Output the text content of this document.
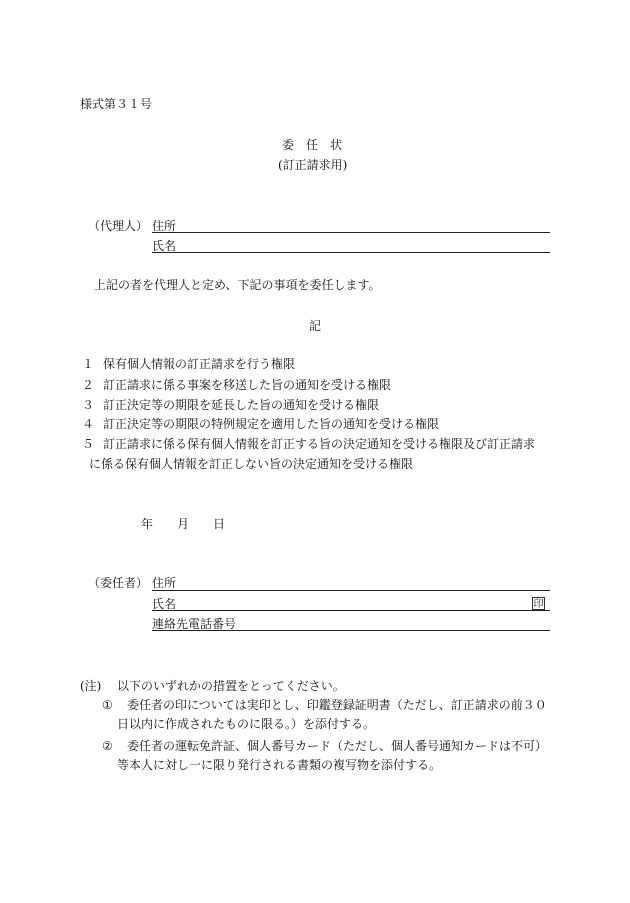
様式第３１号
委　任　状
(訂正請求用)
（代理人） 住所
氏名
上記の者を代理人と定め、下記の事項を委任します。
記
１ 保有個人情報の訂正請求を行う権限
２ 訂正請求に係る事案を移送した旨の通知を受ける権限
３ 訂正決定等の期限を延長した旨の通知を受ける権限
４ 訂正決定等の期限の特例規定を適用した旨の通知を受ける権限
５ 訂正請求に係る保有個人情報を訂正する旨の決定通知を受ける権限及び訂正請求
に係る保有個人情報を訂正しない旨の決定通知を受ける権限
年 月 日
（委任者） 住所
氏名	印
連絡先電話番号
(注) 以下のいずれかの措置をとってください。
① 委任者の印については実印とし、印鑑登録証明書（ただし、訂正請求の前３０
日以内に作成されたものに限る。）を添付する。
② 委任者の運転免許証、個人番号カード（ただし、個人番号通知カードは不可）
等本人に対し一に限り発行される書類の複写物を添付する。
